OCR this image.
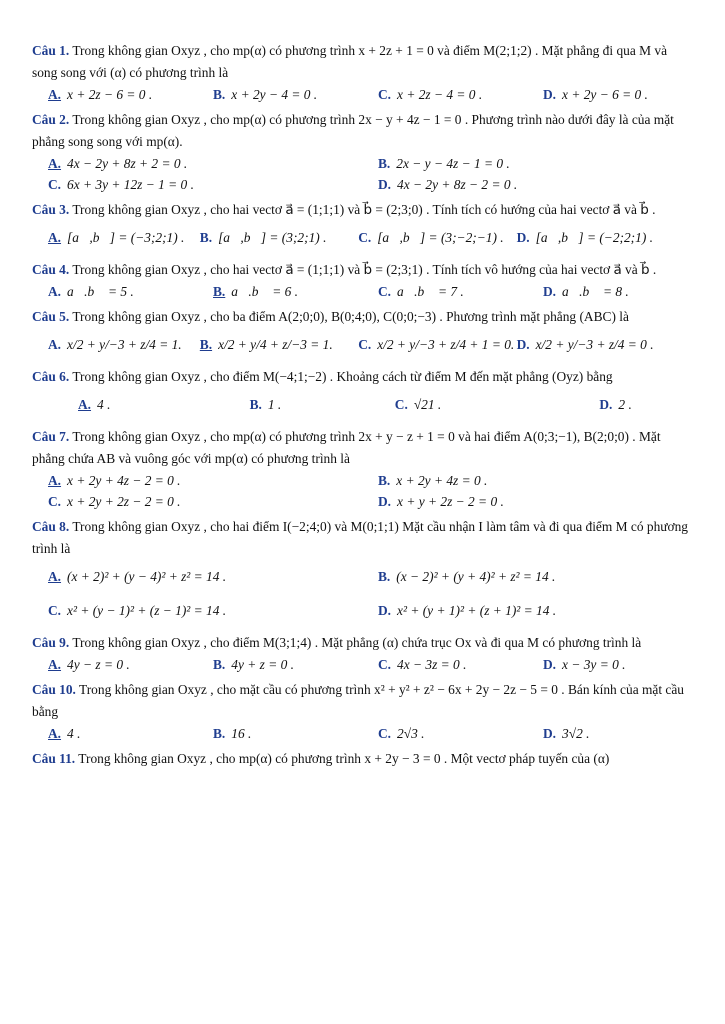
Câu 1. Trong không gian Oxyz , cho mp(α) có phương trình x + 2z + 1 = 0 và điểm M(2;1;2) . Mặt phẳng đi qua M và song song với (α) có phương trình là
A. x + 2z − 6 = 0 .	B. x + 2y − 4 = 0 .	C. x + 2z − 4 = 0 .	D. x + 2y − 6 = 0 .
Câu 2. Trong không gian Oxyz , cho mp(α) có phương trình 2x − y + 4z − 1 = 0 . Phương trình nào dưới đây là của mặt phẳng song song với mp(α).
A. 4x − 2y + 8z + 2 = 0 .	B. 2x − y − 4z − 1 = 0 .
C. 6x + 3y + 12z − 1 = 0 .	D. 4x − 2y + 8z − 2 = 0 .
Câu 3. Trong không gian Oxyz , cho hai vectơ a⃗ = (1;1;1) và b⃗ = (2;3;0) . Tính tích có hướng của hai vectơ a⃗ và b⃗ .
A. [a⃗,b⃗] = (−3;2;1) .	B. [a⃗,b⃗] = (3;2;1) .	C. [a⃗,b⃗] = (3;−2;−1) . D. [a⃗,b⃗] = (−2;2;1) .
Câu 4. Trong không gian Oxyz , cho hai vectơ a⃗ = (1;1;1) và b⃗ = (2;3;1) . Tính tích vô hướng của hai vectơ a⃗ và b⃗ .
A. a⃗.b⃗ = 5 .	B. a⃗.b⃗ = 6 .	C. a⃗.b⃗ = 7 .	D. a⃗.b⃗ = 8 .
Câu 5. Trong không gian Oxyz , cho ba điểm A(2;0;0), B(0;4;0), C(0;0;−3) . Phương trình mặt phẳng (ABC) là
A. x/2 + y/−3 + z/4 = 1.	B. x/2 + y/4 + z/−3 = 1.	C. x/2 + y/−3 + z/4 + 1 = 0. D. x/2 + y/−3 + z/4 = 0 .
Câu 6. Trong không gian Oxyz , cho điểm M(−4;1;−2) . Khoảng cách từ điểm M đến mặt phẳng (Oyz) bằng
A. 4 .	B. 1 .	C. √21 .	D. 2 .
Câu 7. Trong không gian Oxyz , cho mp(α) có phương trình 2x + y − z + 1 = 0 và hai điểm A(0;3;−1), B(2;0;0) . Mặt phẳng chứa AB và vuông góc với mp(α) có phương trình là
A. x + 2y + 4z − 2 = 0 .	B. x + 2y + 4z = 0 .
C. x + 2y + 2z − 2 = 0 .	D. x + y + 2z − 2 = 0 .
Câu 8. Trong không gian Oxyz , cho hai điểm I(−2;4;0) và M(0;1;1) Mặt cầu nhận I làm tâm và đi qua điểm M có phương trình là
A. (x + 2)² + (y − 4)² + z² = 14 .	B. (x − 2)² + (y + 4)² + z² = 14 .
C. x² + (y − 1)² + (z − 1)² = 14 .	D. x² + (y + 1)² + (z + 1)² = 14 .
Câu 9. Trong không gian Oxyz , cho điểm M(3;1;4) . Mặt phẳng (α) chứa trục Ox và đi qua M có phương trình là
A. 4y − z = 0 .	B. 4y + z = 0 .	C. 4x − 3z = 0 .	D. x − 3y = 0 .
Câu 10. Trong không gian Oxyz , cho mặt cầu có phương trình x² + y² + z² − 6x + 2y − 2z − 5 = 0 . Bán kính của mặt cầu bằng
A. 4 .	B. 16 .	C. 2√3 .	D. 3√2 .
Câu 11. Trong không gian Oxyz , cho mp(α) có phương trình x + 2y − 3 = 0 . Một vectơ pháp tuyến của (α)
